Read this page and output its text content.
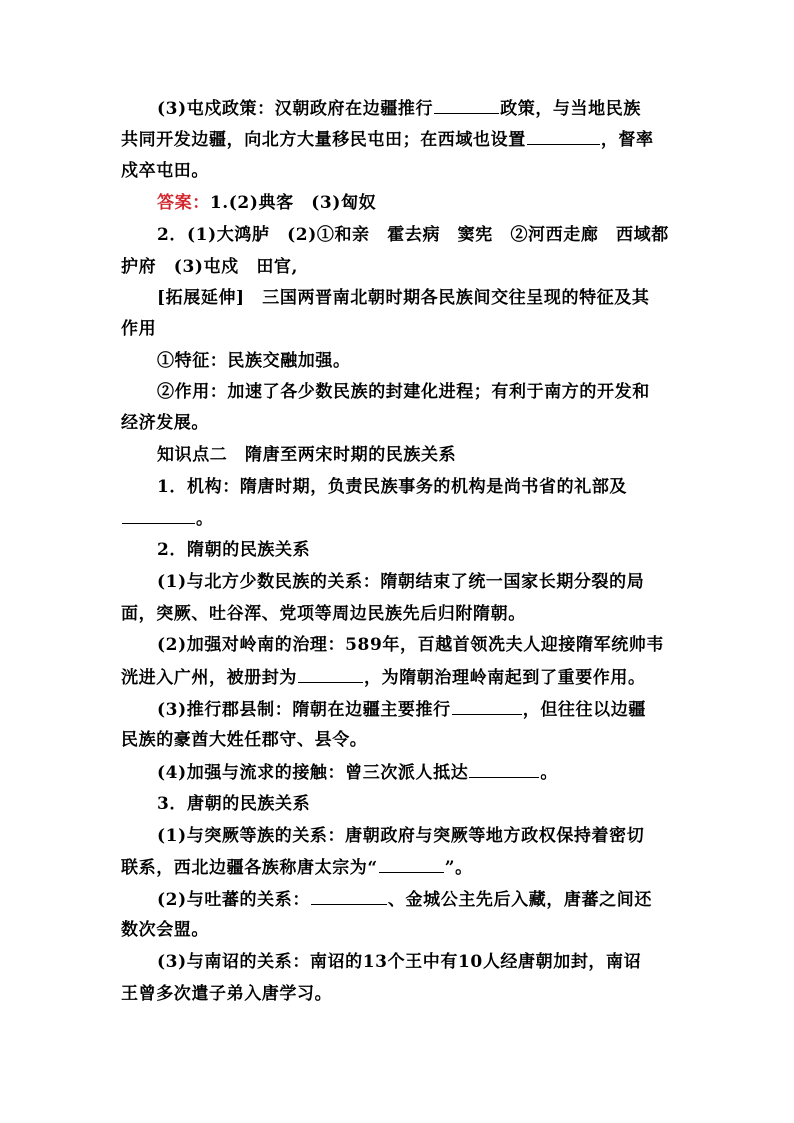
(3)屯戍政策：汉朝政府在边疆推行	政策，与当地民族
共同开发边疆，向北方大量移民屯田；在西域也设置	，督率
戍卒屯田。
答案：1.(2)典客　(3)匈奴
2．(1)大鸿胪　(2)①和亲　霍去病　窦宪　②河西走廊　西域都
护府　(3)屯戍　田官,
[拓展延伸]　三国两晋南北朝时期各民族间交往呈现的特征及其
作用
①特征：民族交融加强。
②作用：加速了各少数民族的封建化进程；有利于南方的开发和
经济发展。
知识点二　隋唐至两宋时期的民族关系
1．机构：隋唐时期，负责民族事务的机构是尚书省的礼部及
。
2．隋朝的民族关系
(1)与北方少数民族的关系：隋朝结束了统一国家长期分裂的局
面，突厥、吐谷浑、党项等周边民族先后归附隋朝。
(2)加强对岭南的治理：589年，百越首领冼夫人迎接隋军统帅韦
洸进入广州，被册封为	，为隋朝治理岭南起到了重要作用。
(3)推行郡县制：隋朝在边疆主要推行	，但往往以边疆
民族的豪酋大姓任郡守、县令。
(4)加强与流求的接触：曾三次派人抵达	。
3．唐朝的民族关系
(1)与突厥等族的关系：唐朝政府与突厥等地方政权保持着密切
联系，西北边疆各族称唐太宗为“	”。
(2)与吐蕃的关系：	、金城公主先后入藏，唐蕃之间还
数次会盟。
(3)与南诏的关系：南诏的13个王中有10人经唐朝加封，南诏
王曾多次遣子弟入唐学习。
